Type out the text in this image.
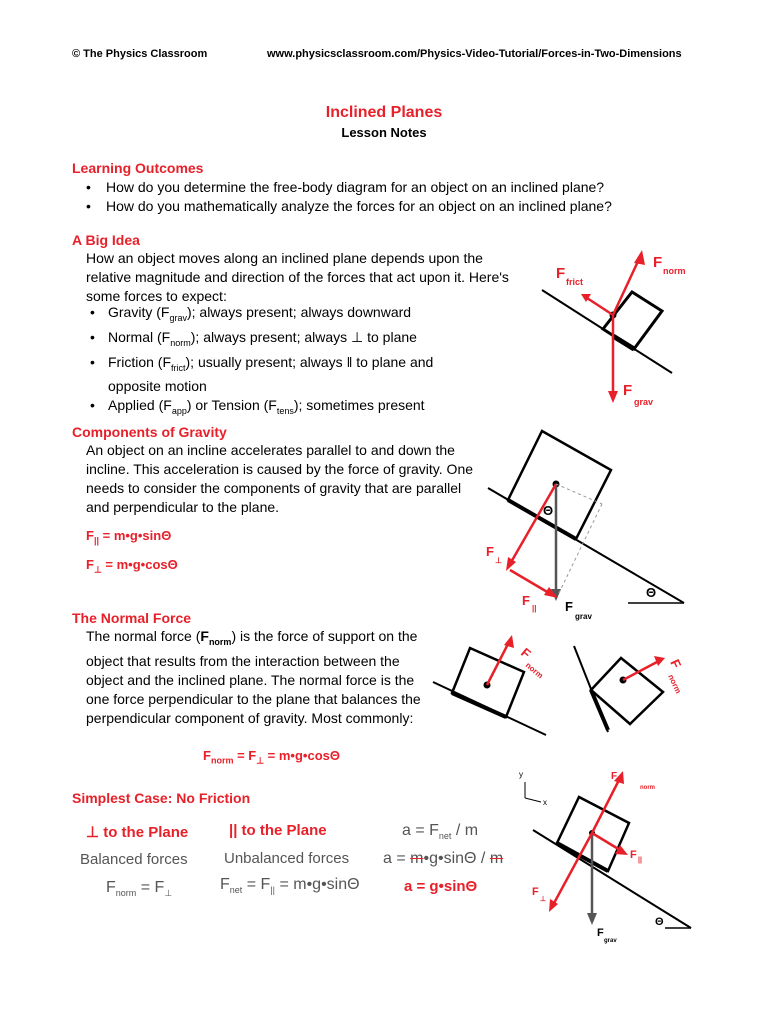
© The Physics Classroom	www.physicsclassroom.com/Physics-Video-Tutorial/Forces-in-Two-Dimensions
Inclined Planes
Lesson Notes
Learning Outcomes
• How do you determine the free-body diagram for an object on an inclined plane?
• How do you mathematically analyze the forces for an object on an inclined plane?
A Big Idea
How an object moves along an inclined plane depends upon the relative magnitude and direction of the forces that act upon it. Here's some forces to expect:
• Gravity $(F_{grav})$; always present; always downward
• Normal $(F_{norm})$; always present; always ⊥ to plane
• Friction $(F_{frict})$; usually present; always ‖ to plane and opposite motion
• Applied $(F_{app})$ or Tension $(F_{tens})$; sometimes present
F frict
F norm
F
grav
Components of Gravity
An object on an incline accelerates parallel to and down the incline. This acceleration is caused by the force of gravity. One needs to consider the components of gravity that are parallel and perpendicular to the plane.
$F_{||}$ = m•g•sinΘ
$F_\perp$ = m•g•cosΘ
Θ
Θ
F
⊥
F
|| F
grav
The Normal Force
The normal force $(F_{norm})$ is the force of support on the object that results from the interaction between the object and the inclined plane. The normal force is the one force perpendicular to the plane that balances the perpendicular component of gravity. Most commonly:
$F_{norm} = F_\perp$ = m•g•cosΘ
F
norm	F
norm
Simplest Case: No Friction
⊥ to the Plane
Balanced forces
$F_{norm} = F_\perp$
|| to the Plane
Unbalanced forces
$F_{net} = F_{||}$ = m•g•sinΘ
$a = F_{net} / m$
a = m•g•sinΘ / m
a = g•sinΘ
y
x
F
norm
F ||
F
⊥
F
grav
Θ
